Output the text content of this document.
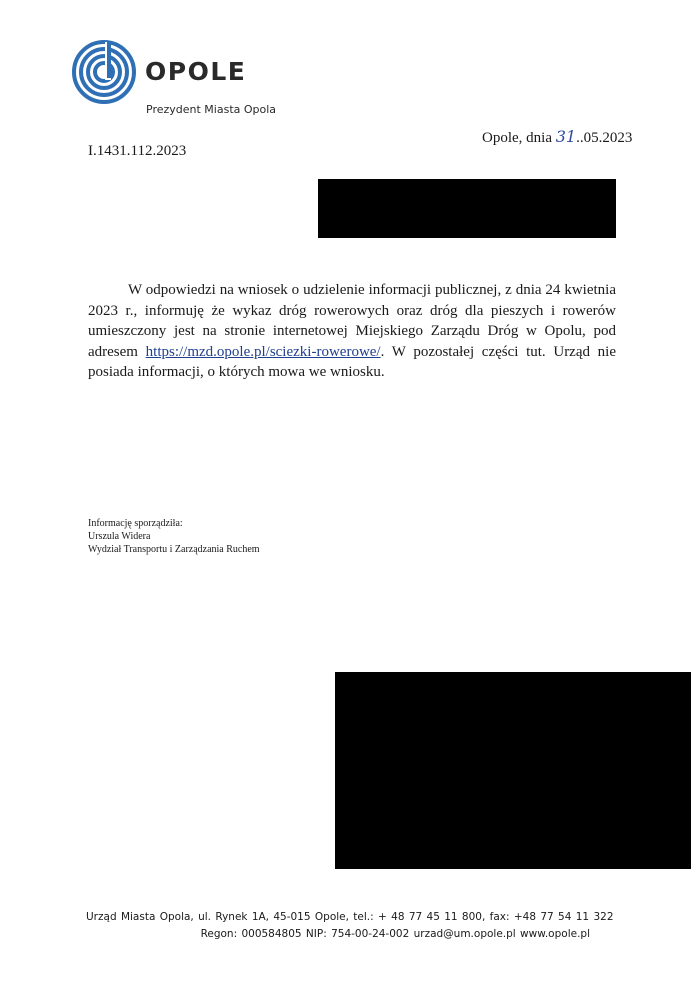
OPOLE
Prezydent Miasta Opola
Opole, dnia 31..05.2023
I.1431.112.2023
W odpowiedzi na wniosek o udzielenie informacji publicznej, z dnia 24 kwietnia 2023 r., informuję że wykaz dróg rowerowych oraz dróg dla pieszych i rowerów umieszczony jest na stronie internetowej Miejskiego Zarządu Dróg w Opolu, pod adresem https://mzd.opole.pl/sciezki-rowerowe/. W pozostałej części tut. Urząd nie posiada informacji, o których mowa we wniosku.
Informację sporządziła:
Urszula Widera
Wydział Transportu i Zarządzania Ruchem
Urząd Miasta Opola, ul. Rynek 1A, 45-015 Opole, tel.: + 48 77 45 11 800, fax: +48 77 54 11 322
Regon: 000584805 NIP: 754-00-24-002 urzad@um.opole.pl www.opole.pl
